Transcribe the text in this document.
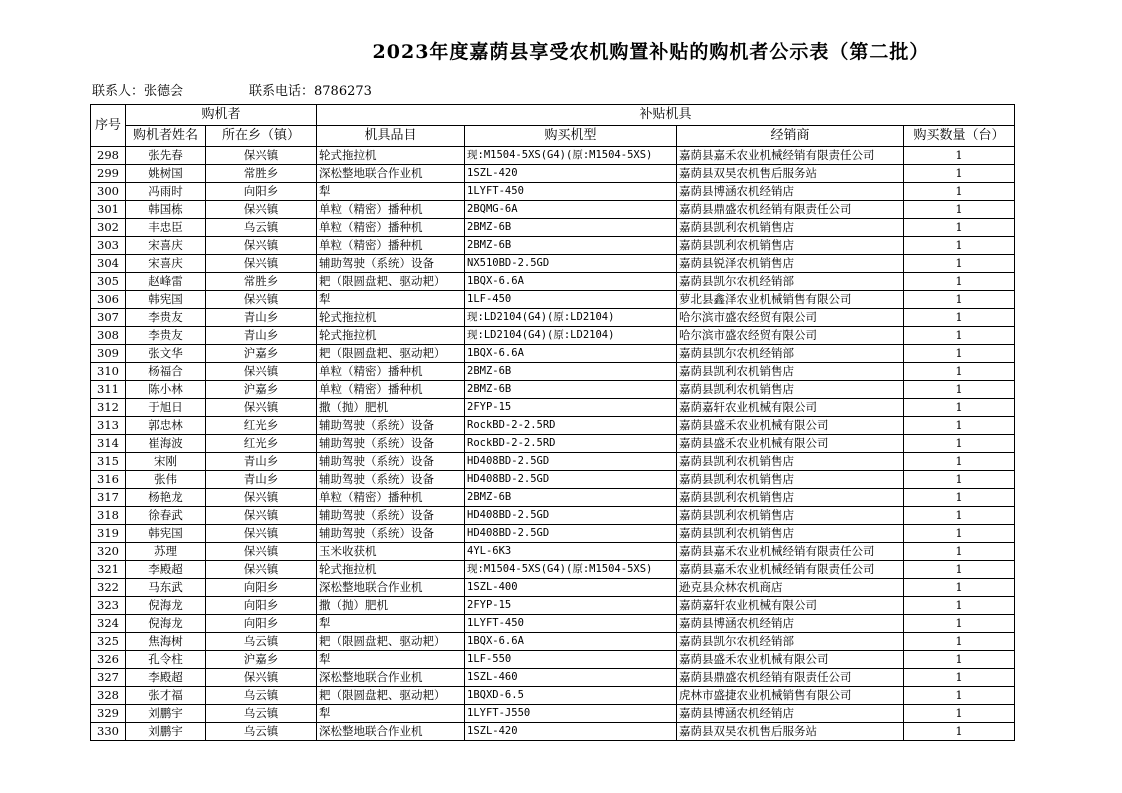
2023年度嘉荫县享受农机购置补贴的购机者公示表（第二批）
联系人：张德会	联系电话：8786273
序号	购机者		补贴机具			
	购机者姓名	所在乡（镇）	机具品目	购买机型	经销商	购买数量（台）
298	张先春	保兴镇	轮式拖拉机	现:M1504-5XS(G4)(原:M1504-5XS)	嘉荫县嘉禾农业机械经销有限责任公司	1
299	姚树国	常胜乡	深松整地联合作业机	1SZL-420	嘉荫县双昊农机售后服务站	1
300	冯雨时	向阳乡	犁	1LYFT-450	嘉荫县博涵农机经销店	1
301	韩国栋	保兴镇	单粒（精密）播种机	2BQMG-6A	嘉荫县鼎盛农机经销有限责任公司	1
302	丰忠臣	乌云镇	单粒（精密）播种机	2BMZ-6B	嘉荫县凯利农机销售店	1
303	宋喜庆	保兴镇	单粒（精密）播种机	2BMZ-6B	嘉荫县凯利农机销售店	1
304	宋喜庆	保兴镇	辅助驾驶（系统）设备	NX510BD-2.5GD	嘉荫县锐泽农机销售店	1
305	赵峰雷	常胜乡	耙（限圆盘耙、驱动耙）	1BQX-6.6A	嘉荫县凯尔农机经销部	1
306	韩宪国	保兴镇	犁	1LF-450	萝北县鑫泽农业机械销售有限公司	1
307	李贵友	青山乡	轮式拖拉机	现:LD2104(G4)(原:LD2104)	哈尔滨市盛农经贸有限公司	1
308	李贵友	青山乡	轮式拖拉机	现:LD2104(G4)(原:LD2104)	哈尔滨市盛农经贸有限公司	1
309	张文华	沪嘉乡	耙（限圆盘耙、驱动耙）	1BQX-6.6A	嘉荫县凯尔农机经销部	1
310	杨福合	保兴镇	单粒（精密）播种机	2BMZ-6B	嘉荫县凯利农机销售店	1
311	陈小林	沪嘉乡	单粒（精密）播种机	2BMZ-6B	嘉荫县凯利农机销售店	1
312	于旭日	保兴镇	撒（抛）肥机	2FYP-15	嘉荫嘉轩农业机械有限公司	1
313	郭忠林	红光乡	辅助驾驶（系统）设备	RockBD-2-2.5RD	嘉荫县盛禾农业机械有限公司	1
314	崔海波	红光乡	辅助驾驶（系统）设备	RockBD-2-2.5RD	嘉荫县盛禾农业机械有限公司	1
315	宋刚	青山乡	辅助驾驶（系统）设备	HD408BD-2.5GD	嘉荫县凯利农机销售店	1
316	张伟	青山乡	辅助驾驶（系统）设备	HD408BD-2.5GD	嘉荫县凯利农机销售店	1
317	杨艳龙	保兴镇	单粒（精密）播种机	2BMZ-6B	嘉荫县凯利农机销售店	1
318	徐春武	保兴镇	辅助驾驶（系统）设备	HD408BD-2.5GD	嘉荫县凯利农机销售店	1
319	韩宪国	保兴镇	辅助驾驶（系统）设备	HD408BD-2.5GD	嘉荫县凯利农机销售店	1
320	苏理	保兴镇	玉米收获机	4YL-6K3	嘉荫县嘉禾农业机械经销有限责任公司	1
321	李殿超	保兴镇	轮式拖拉机	现:M1504-5XS(G4)(原:M1504-5XS)	嘉荫县嘉禾农业机械经销有限责任公司	1
322	马东武	向阳乡	深松整地联合作业机	1SZL-400	逊克县众林农机商店	1
323	倪海龙	向阳乡	撒（抛）肥机	2FYP-15	嘉荫嘉轩农业机械有限公司	1
324	倪海龙	向阳乡	犁	1LYFT-450	嘉荫县博涵农机经销店	1
325	焦海树	乌云镇	耙（限圆盘耙、驱动耙）	1BQX-6.6A	嘉荫县凯尔农机经销部	1
326	孔令柱	沪嘉乡	犁	1LF-550	嘉荫县盛禾农业机械有限公司	1
327	李殿超	保兴镇	深松整地联合作业机	1SZL-460	嘉荫县鼎盛农机经销有限责任公司	1
328	张才福	乌云镇	耙（限圆盘耙、驱动耙）	1BQXD-6.5	虎林市盛捷农业机械销售有限公司	1
329	刘鹏宇	乌云镇	犁	1LYFT-J550	嘉荫县博涵农机经销店	1
330	刘鹏宇	乌云镇	深松整地联合作业机	1SZL-420	嘉荫县双昊农机售后服务站	1
